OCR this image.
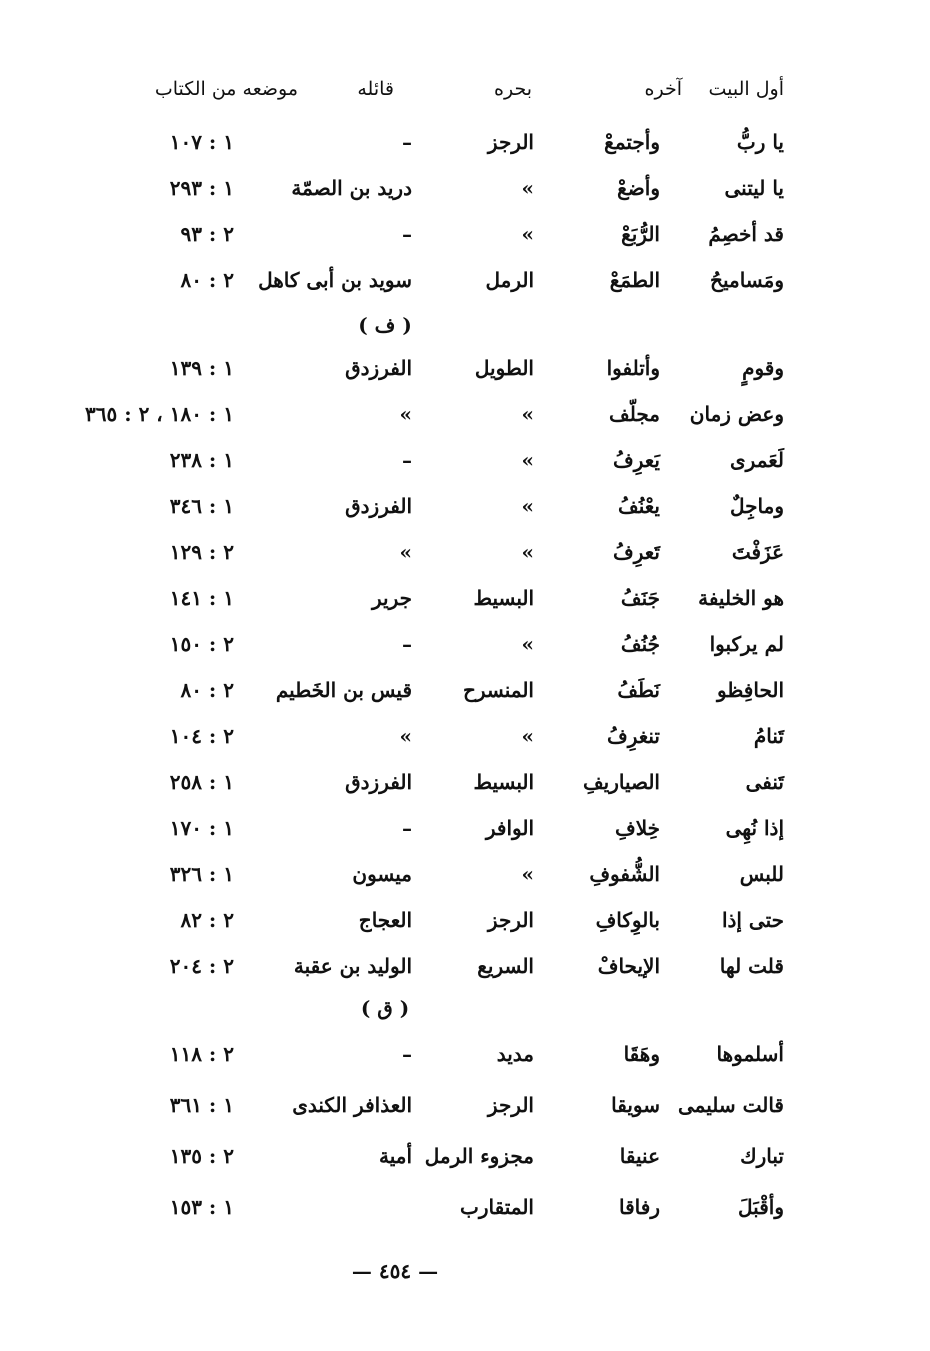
أول البيت
آخره
بحره
قائله
موضعه من الكتاب
يا ربُّ
وأجتمعْ
الرجز
–
١ : ١٠٧
يا ليتنى
وأضعْ
»
دريد بن الصمّة
١ : ٢٩٣
قد أخصِمُ
الرُّبَعْ
»
–
٢ : ٩٣
ومَساميحُ
الطمَعْ
الرمل
سويد بن أبى كاهل
٢ : ٨٠
( ف )
وقومٍ
وأتلفوا
الطويل
الفرزدق
١ : ١٣٩
وعض زمان
مجلّف
»
»
١ : ١٨٠ ، ٢ : ٣٦٥
لَعَمرى
يَعرِفُ
»
–
١ : ٢٣٨
وماجِلٌ
يعْنُفُ
»
الفرزدق
١ : ٣٤٦
عَزَفْتَ
تَعرِفُ
»
»
٢ : ١٢٩
هو الخليفة
جَنَفُ
البسيط
جرير
١ : ١٤١
لم يركبوا
جُنُفُ
»
–
٢ : ١٥٠
الحافِظو
نَطَفُ
المنسرح
قيس بن الخَطيم
٢ : ٨٠
تَنامُ
تنغرِفُ
»
»
٢ : ١٠٤
تَنفى
الصياريفِ
البسيط
الفرزدق
١ : ٢٥٨
إذا نُهِى
خِلافِ
الوافر
–
١ : ١٧٠
للبس
الشُّفوفِ
»
ميسون
١ : ٣٢٦
حتى إذا
بالوِكافِ
الرجز
العجاج
٢ : ٨٢
قلت لها
الإيحافْ
السريع
الوليد بن عقبة
٢ : ٢٠٤
( ق )
أسلموها
وهَقَا
مديد
–
٢ : ١١٨
قالت سليمى
سويقا
الرجز
العذافر الكندى
١ : ٣٦١
تبارك
عنيقا
مجزوء الرمل
أمية
٢ : ١٣٥
وأقْبَلَ
رفاقا
المتقارب
١ : ١٥٣
— ٤٥٤ —
